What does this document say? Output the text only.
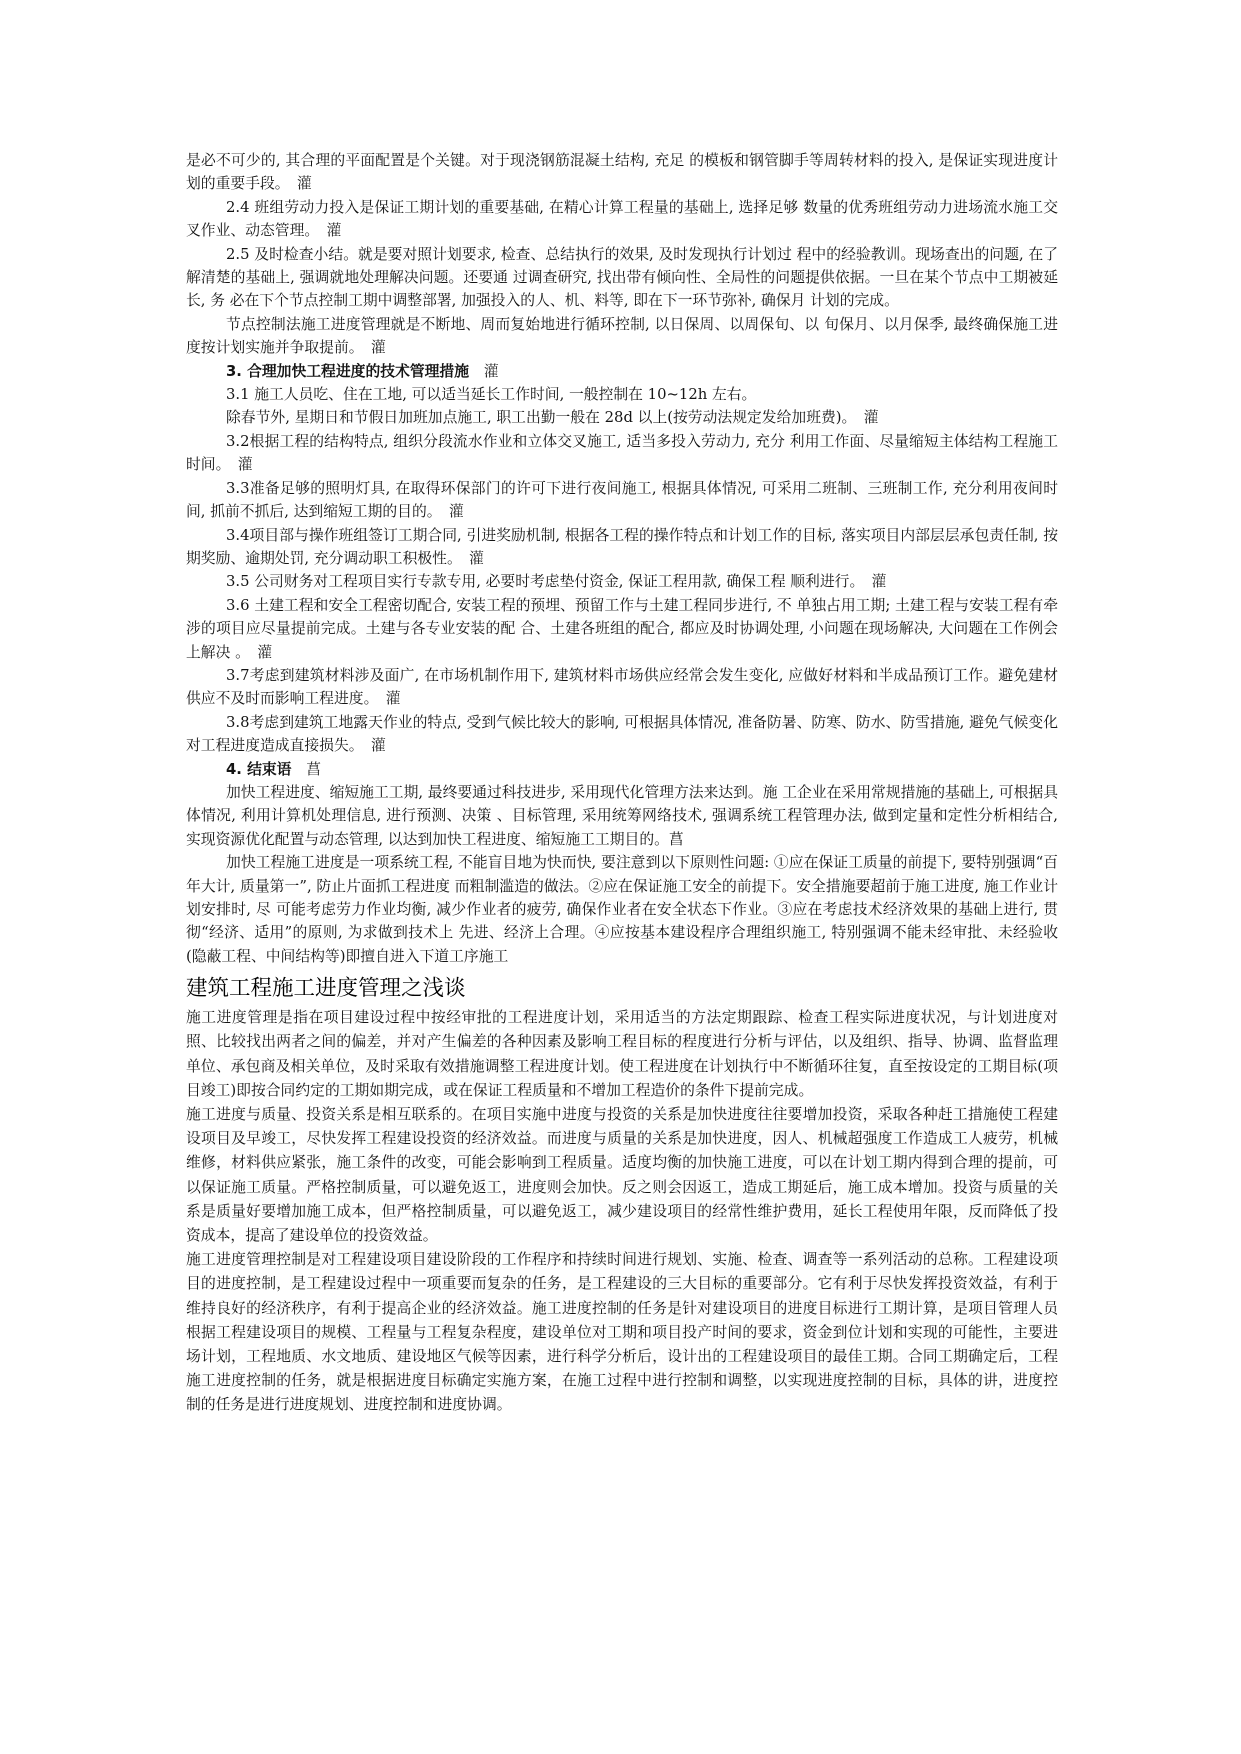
是必不可少的, 其合理的平面配置是个关键。对于现浇钢筋混凝土结构, 充足 的模板和钢管脚手等周转材料的投入, 是保证实现进度计划的重要手段。　 灌

2.4 班组劳动力投入是保证工期计划的重要基础, 在精心计算工程量的基础上, 选择足够 数量的优秀班组劳动力进场流水施工交叉作业、动态管理。　 灌

2.5 及时检查小结。就是要对照计划要求, 检查、总结执行的效果, 及时发现执行计划过 程中的经验教训。现场查出的问题, 在了解清楚的基础上, 强调就地处理解决问题。还要通 过调查研究, 找出带有倾向性、全局性的问题提供依据。一旦在某个节点中工期被延长, 务 必在下个节点控制工期中调整部署, 加强投入的人、机、料等, 即在下一环节弥补, 确保月 计划的完成。

节点控制法施工进度管理就是不断地、周而复始地进行循环控制, 以日保周、以周保旬、以 旬保月、以月保季, 最终确保施工进度按计划实施并争取提前。　 灌

3. 合理加快工程进度的技术管理措施　 灌

3.1 施工人员吃、住在工地, 可以适当延长工作时间, 一般控制在 10~12h 左右。

除春节外, 星期日和节假日加班加点施工, 职工出勤一般在 28d 以上(按劳动法规定发给加班费)。　 灌

3.2根据工程的结构特点, 组织分段流水作业和立体交叉施工, 适当多投入劳动力, 充分 利用工作面、尽量缩短主体结构工程施工时间。　 灌

3.3准备足够的照明灯具, 在取得环保部门的许可下进行夜间施工, 根据具体情况, 可采用二班制、三班制工作, 充分利用夜间时间, 抓前不抓后, 达到缩短工期的目的。　 灌

3.4项目部与操作班组签订工期合同, 引进奖励机制, 根据各工程的操作特点和计划工作的目标, 落实项目内部层层承包责任制, 按期奖励、逾期处罚, 充分调动职工积极性。　 灌

3.5 公司财务对工程项目实行专款专用, 必要时考虑垫付资金, 保证工程用款, 确保工程 顺利进行。　 灌

3.6 土建工程和安全工程密切配合, 安装工程的预埋、预留工作与土建工程同步进行, 不 单独占用工期; 土建工程与安装工程有牵涉的项目应尽量提前完成。土建与各专业安装的配 合、土建各班组的配合, 都应及时协调处理, 小问题在现场解决, 大问题在工作例会上解决 。　 灌

3.7考虑到建筑材料涉及面广, 在市场机制作用下, 建筑材料市场供应经常会发生变化, 应做好材料和半成品预订工作。避免建材供应不及时而影响工程进度。　 灌

3.8考虑到建筑工地露天作业的特点, 受到气候比较大的影响, 可根据具体情况, 准备防暑、防寒、防水、防雪措施, 避免气候变化对工程进度造成直接损失。　 灌

4. 结束语　 菖

加快工程进度、缩短施工工期, 最终要通过科技进步, 采用现代化管理方法来达到。施 工企业在采用常规措施的基础上, 可根据具体情况, 利用计算机处理信息, 进行预测、决策 、目标管理, 采用统筹网络技术, 强调系统工程管理办法, 做到定量和定性分析相结合, 实现资源优化配置与动态管理, 以达到加快工程进度、缩短施工工期目的。菖

加快工程施工进度是一项系统工程, 不能盲目地为快而快, 要注意到以下原则性问题: ①应在保证工质量的前提下, 要特别强调“百年大计, 质量第一”, 防止片面抓工程进度 而粗制滥造的做法。②应在保证施工安全的前提下。安全措施要超前于施工进度, 施工作业计划安排时, 尽 可能考虑劳力作业均衡, 减少作业者的疲劳, 确保作业者在安全状态下作业。③应在考虑技术经济效果的基础上进行, 贯彻“经济、适用”的原则, 为求做到技术上 先进、经济上合理。④应按基本建设程序合理组织施工, 特别强调不能未经审批、未经验收 (隐蔽工程、中间结构等)即擅自进入下道工序施工

建筑工程施工进度管理之浅谈

施工进度管理是指在项目建设过程中按经审批的工程进度计划，采用适当的方法定期跟踪、检查工程实际进度状况，与计划进度对照、比较找出两者之间的偏差，并对产生偏差的各种因素及影响工程目标的程度进行分析与评估，以及组织、指导、协调、监督监理单位、承包商及相关单位，及时采取有效措施调整工程进度计划。使工程进度在计划执行中不断循环往复，直至按设定的工期目标(项目竣工)即按合同约定的工期如期完成，或在保证工程质量和不增加工程造价的条件下提前完成。

施工进度与质量、投资关系是相互联系的。在项目实施中进度与投资的关系是加快进度往往要增加投资，采取各种赶工措施使工程建设项目及早竣工，尽快发挥工程建设投资的经济效益。而进度与质量的关系是加快进度，因人、机械超强度工作造成工人疲劳，机械维修，材料供应紧张，施工条件的改变，可能会影响到工程质量。适度均衡的加快施工进度，可以在计划工期内得到合理的提前，可以保证施工质量。严格控制质量，可以避免返工，进度则会加快。反之则会因返工，造成工期延后，施工成本增加。投资与质量的关系是质量好要增加施工成本，但严格控制质量，可以避免返工，减少建设项目的经常性维护费用，延长工程使用年限，反而降低了投资成本，提高了建设单位的投资效益。

施工进度管理控制是对工程建设项目建设阶段的工作程序和持续时间进行规划、实施、检查、调查等一系列活动的总称。工程建设项目的进度控制，是工程建设过程中一项重要而复杂的任务，是工程建设的三大目标的重要部分。它有利于尽快发挥投资效益，有利于维持良好的经济秩序，有利于提高企业的经济效益。施工进度控制的任务是针对建设项目的进度目标进行工期计算，是项目管理人员根据工程建设项目的规模、工程量与工程复杂程度，建设单位对工期和项目投产时间的要求，资金到位计划和实现的可能性，主要进场计划，工程地质、水文地质、建设地区气候等因素，进行科学分析后，设计出的工程建设项目的最佳工期。合同工期确定后，工程施工进度控制的任务，就是根据进度目标确定实施方案，在施工过程中进行控制和调整，以实现进度控制的目标，具体的讲，进度控制的任务是进行进度规划、进度控制和进度协调。
